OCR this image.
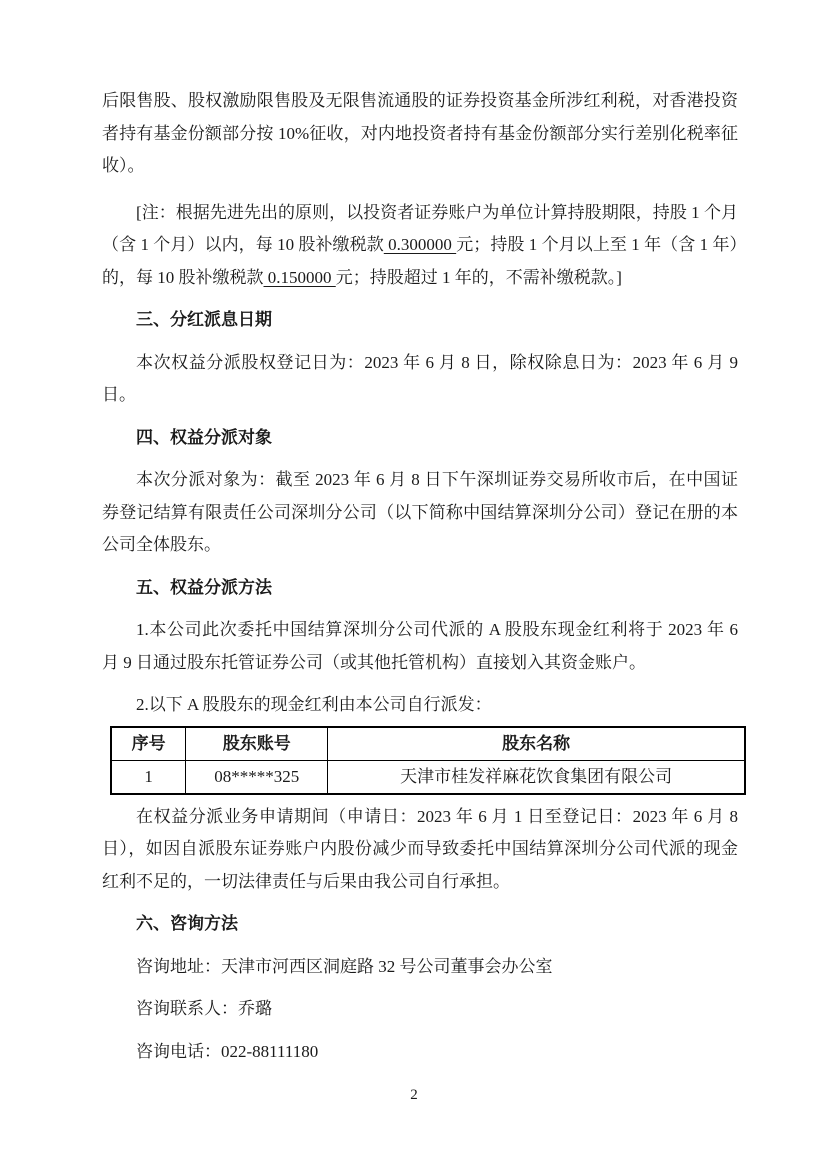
后限售股、股权激励限售股及无限售流通股的证券投资基金所涉红利税，对香港投资者持有基金份额部分按 10%征收，对内地投资者持有基金份额部分实行差别化税率征收）。

[注：根据先进先出的原则，以投资者证券账户为单位计算持股期限，持股 1 个月（含 1 个月）以内，每 10 股补缴税款 0.300000 元；持股 1 个月以上至 1 年（含 1 年）的，每 10 股补缴税款 0.150000 元；持股超过 1 年的，不需补缴税款。]

三、分红派息日期

本次权益分派股权登记日为：2023 年 6 月 8 日，除权除息日为：2023 年 6 月 9 日。

四、权益分派对象

本次分派对象为：截至 2023 年 6 月 8 日下午深圳证券交易所收市后，在中国证券登记结算有限责任公司深圳分公司（以下简称中国结算深圳分公司）登记在册的本公司全体股东。

五、权益分派方法

1.本公司此次委托中国结算深圳分公司代派的 A 股股东现金红利将于 2023 年 6 月 9 日通过股东托管证券公司（或其他托管机构）直接划入其资金账户。

2.以下 A 股股东的现金红利由本公司自行派发：

序号	股东账号	股东名称
1	08*****325	天津市桂发祥麻花饮食集团有限公司

在权益分派业务申请期间（申请日：2023 年 6 月 1 日至登记日：2023 年 6 月 8 日），如因自派股东证券账户内股份减少而导致委托中国结算深圳分公司代派的现金红利不足的，一切法律责任与后果由我公司自行承担。

六、咨询方法

咨询地址：天津市河西区洞庭路 32 号公司董事会办公室

咨询联系人：乔璐

咨询电话：022-88111180

2
